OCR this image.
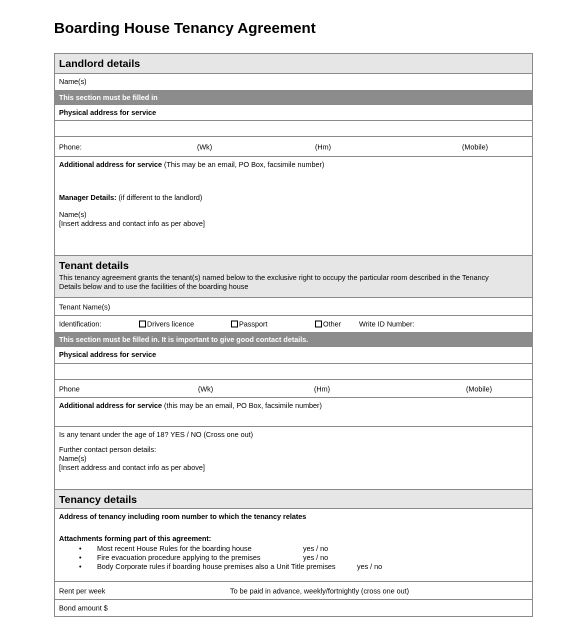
Boarding House Tenancy Agreement
Landlord details
Name(s)
This section must be filled in
Physical address for service
Phone:	(Wk)	(Hm)	(Mobile)
Additional address for service (This may be an email, PO Box, facsimile number)
Manager Details: (if different to the landlord)
Name(s)
[Insert address and contact info as per above]
Tenant details
This tenancy agreement grants the tenant(s) named below to the exclusive right to occupy the particular room described in the Tenancy
Details below and to use the facilities of the boarding house
Tenant Name(s)
Identification:	Drivers licence	Passport	Other	Write ID Number:
This section must be filled in. It is important to give good contact details.
Physical address for service
Phone	(Wk)	(Hm)	(Mobile)
Additional address for service (this may be an email, PO Box, facsimile number)
Is any tenant under the age of 18? YES / NO (Cross one out)
Further contact person details:
Name(s)
[Insert address and contact info as per above]
Tenancy details
Address of tenancy including room number to which the tenancy relates
Attachments forming part of this agreement:
• Most recent House Rules for the boarding house	yes / no
• Fire evacuation procedure applying to the premises	yes / no
• Body Corporate rules if boarding house premises also a Unit Title premises	yes / no
Rent per week	To be paid in advance, weekly/fortnightly (cross one out)
Bond amount $
